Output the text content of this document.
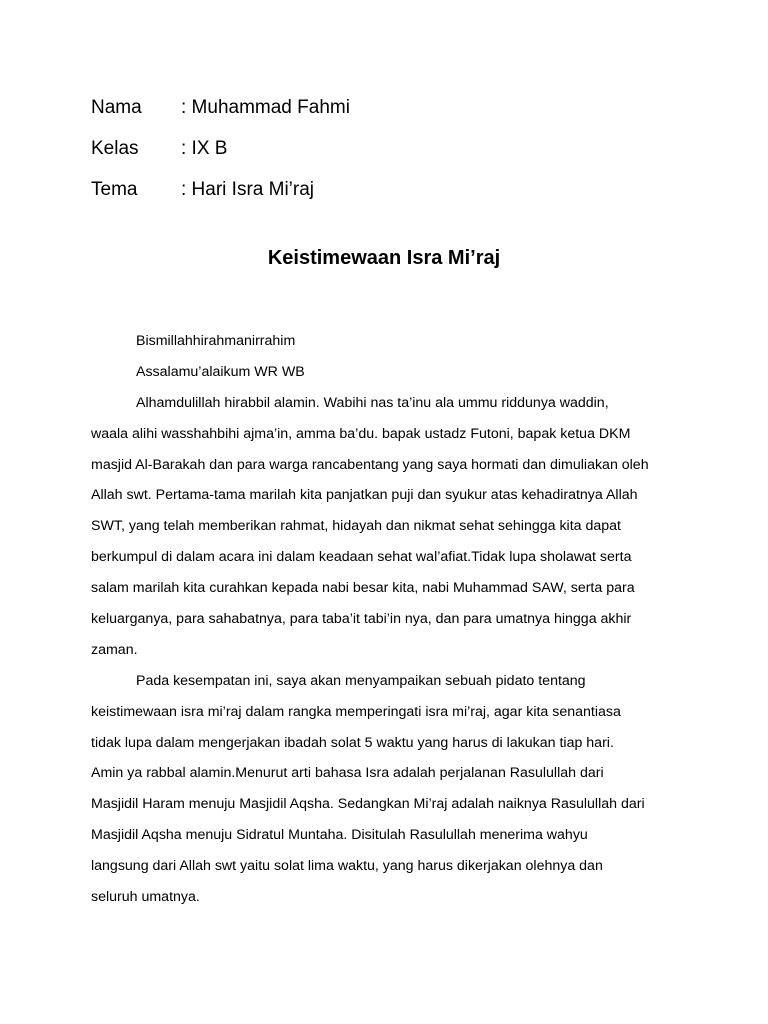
Nama	: Muhammad Fahmi
Kelas	: IX B
Tema	: Hari Isra Mi’raj
Keistimewaan Isra Mi’raj
Bismillahhirahmanirrahim
Assalamu’alaikum WR WB
Alhamdulillah hirabbil alamin. Wabihi nas ta’inu ala ummu riddunya waddin,
waala alihi wasshahbihi ajma’in, amma ba’du. bapak ustadz Futoni, bapak ketua DKM
masjid Al-Barakah dan para warga rancabentang yang saya hormati dan dimuliakan oleh
Allah swt. Pertama-tama marilah kita panjatkan puji dan syukur atas kehadiratnya Allah
SWT, yang telah memberikan rahmat, hidayah dan nikmat sehat sehingga kita dapat
berkumpul di dalam acara ini dalam keadaan sehat wal’afiat.Tidak lupa sholawat serta
salam marilah kita curahkan kepada nabi besar kita, nabi Muhammad SAW, serta para
keluarganya, para sahabatnya, para taba’it tabi’in nya, dan para umatnya hingga akhir
zaman.
Pada kesempatan ini, saya akan menyampaikan sebuah pidato tentang
keistimewaan isra mi’raj dalam rangka memperingati isra mi’raj, agar kita senantiasa
tidak lupa dalam mengerjakan ibadah solat 5 waktu yang harus di lakukan tiap hari.
Amin ya rabbal alamin.Menurut arti bahasa Isra adalah perjalanan Rasulullah dari
Masjidil Haram menuju Masjidil Aqsha. Sedangkan Mi’raj adalah naiknya Rasulullah dari
Masjidil Aqsha menuju Sidratul Muntaha. Disitulah Rasulullah menerima wahyu
langsung dari Allah swt yaitu solat lima waktu, yang harus dikerjakan olehnya dan
seluruh umatnya.
